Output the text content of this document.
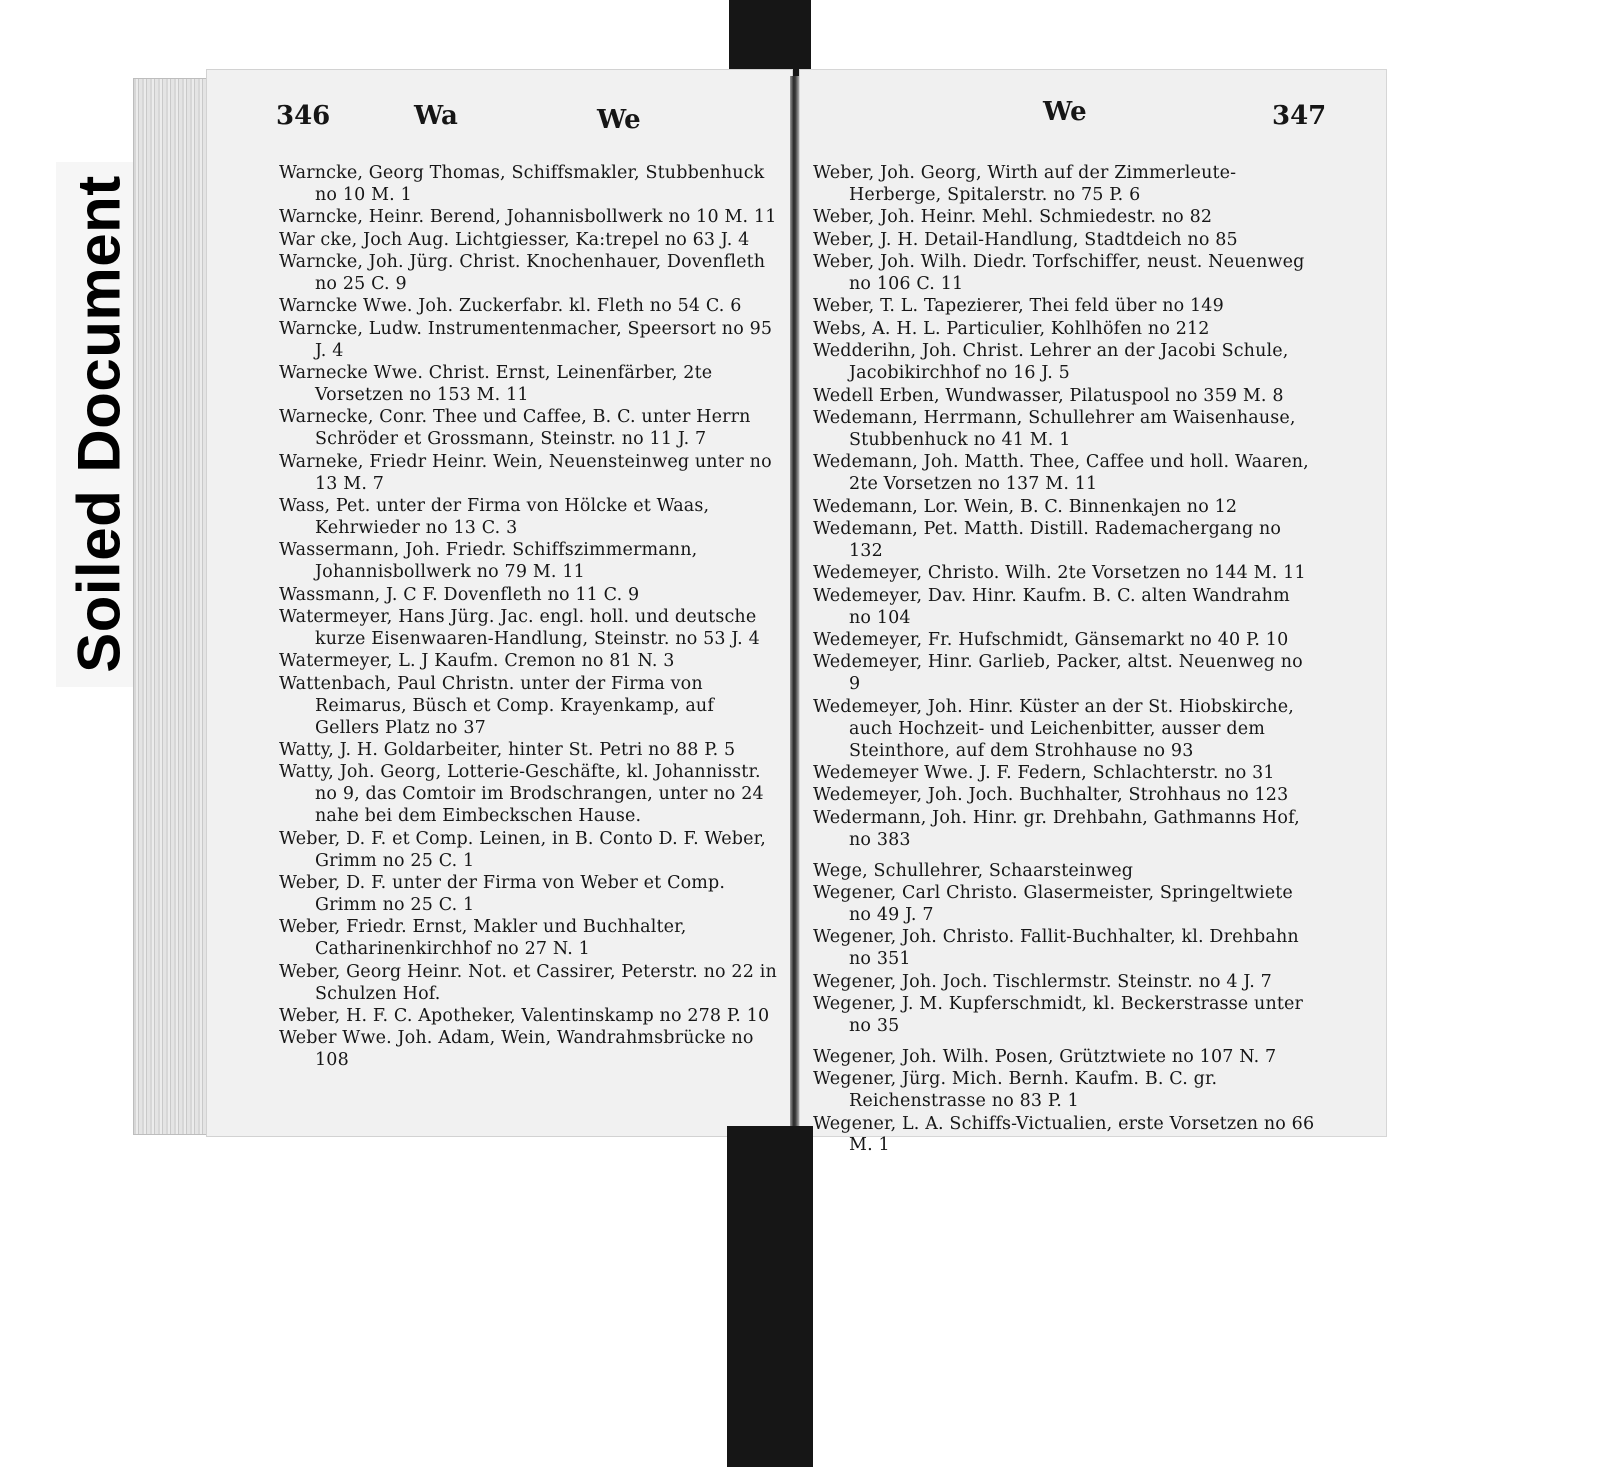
Soiled Document
346	Wa	We	We	347
Warncke, Georg Thomas, Schiffsmakler, Stubbenhuck no 10 M. 1
Warncke, Heinr. Berend, Johannisbollwerk no 10 M. 11
War cke, Joch Aug. Lichtgiesser, Ka:trepel no 63 J. 4
Warncke, Joh. Jürg. Christ. Knochenhauer, Dovenfleth no 25 C. 9
Warncke Wwe. Joh. Zuckerfabr. kl. Fleth no 54 C. 6
Warncke, Ludw. Instrumentenmacher, Speersort no 95 J. 4
Warnecke Wwe. Christ. Ernst, Leinenfärber, 2te Vorsetzen no 153 M. 11
Warnecke, Conr. Thee und Caffee, B. C. unter Herrn Schröder et Grossmann, Steinstr. no 11 J. 7
Warneke, Friedr Heinr. Wein, Neuensteinweg unter no 13 M. 7
Wass, Pet. unter der Firma von Hölcke et Waas, Kehrwieder no 13 C. 3
Wassermann, Joh. Friedr. Schiffszimmermann, Johannisbollwerk no 79 M. 11
Wassmann, J. C F. Dovenfleth no 11 C. 9
Watermeyer, Hans Jürg. Jac. engl. holl. und deutsche kurze Eisenwaaren-Handlung, Steinstr. no 53 J. 4
Watermeyer, L. J Kaufm. Cremon no 81 N. 3
Wattenbach, Paul Christn. unter der Firma von Reimarus, Büsch et Comp. Krayenkamp, auf Gellers Platz no 37
Watty, J. H. Goldarbeiter, hinter St. Petri no 88 P. 5
Watty, Joh. Georg, Lotterie-Geschäfte, kl. Johannisstr. no 9, das Comtoir im Brodschrangen, unter no 24 nahe bei dem Eimbeckschen Hause.
Weber, D. F. et Comp. Leinen, in B. Conto D. F. Weber, Grimm no 25 C. 1
Weber, D. F. unter der Firma von Weber et Comp. Grimm no 25 C. 1
Weber, Friedr. Ernst, Makler und Buchhalter, Catharinenkirchhof no 27 N. 1
Weber, Georg Heinr. Not. et Cassirer, Peterstr. no 22 in Schulzen Hof.
Weber, H. F. C. Apotheker, Valentinskamp no 278 P. 10
Weber Wwe. Joh. Adam, Wein, Wandrahmsbrücke no 108
Weber, Joh. Georg, Wirth auf der Zimmerleute-Herberge, Spitalerstr. no 75 P. 6
Weber, Joh. Heinr. Mehl. Schmiedestr. no 82
Weber, J. H. Detail-Handlung, Stadtdeich no 85
Weber, Joh. Wilh. Diedr. Torfschiffer, neust. Neuenweg no 106 C. 11
Weber, T. L. Tapezierer, Thei feld über no 149
Webs, A. H. L. Particulier, Kohlhöfen no 212
Wedderihn, Joh. Christ. Lehrer an der Jacobi Schule, Jacobikirchhof no 16 J. 5
Wedell Erben, Wundwasser, Pilatuspool no 359 M. 8
Wedemann, Herrmann, Schullehrer am Waisenhause, Stubbenhuck no 41 M. 1
Wedemann, Joh. Matth. Thee, Caffee und holl. Waaren, 2te Vorsetzen no 137 M. 11
Wedemann, Lor. Wein, B. C. Binnenkajen no 12
Wedemann, Pet. Matth. Distill. Rademachergang no 132
Wedemeyer, Christo. Wilh. 2te Vorsetzen no 144 M. 11
Wedemeyer, Dav. Hinr. Kaufm. B. C. alten Wandrahm no 104
Wedemeyer, Fr. Hufschmidt, Gänsemarkt no 40 P. 10
Wedemeyer, Hinr. Garlieb, Packer, altst. Neuenweg no 9
Wedemeyer, Joh. Hinr. Küster an der St. Hiobskirche, auch Hochzeit- und Leichenbitter, ausser dem Steinthore, auf dem Strohhause no 93
Wedemeyer Wwe. J. F. Federn, Schlachterstr. no 31
Wedemeyer, Joh. Joch. Buchhalter, Strohhaus no 123
Wedermann, Joh. Hinr. gr. Drehbahn, Gathmanns Hof, no 383
Wege, Schullehrer, Schaarsteinweg
Wegener, Carl Christo. Glasermeister, Springeltwiete no 49 J. 7
Wegener, Joh. Christo. Fallit-Buchhalter, kl. Drehbahn no 351
Wegener, Joh. Joch. Tischlermstr. Steinstr. no 4 J. 7
Wegener, J. M. Kupferschmidt, kl. Beckerstrasse unter no 35
Wegener, Joh. Wilh. Posen, Grütztwiete no 107 N. 7
Wegener, Jürg. Mich. Bernh. Kaufm. B. C. gr. Reichenstrasse no 83 P. 1
Wegener, L. A. Schiffs-Victualien, erste Vorsetzen no 66 M. 1
